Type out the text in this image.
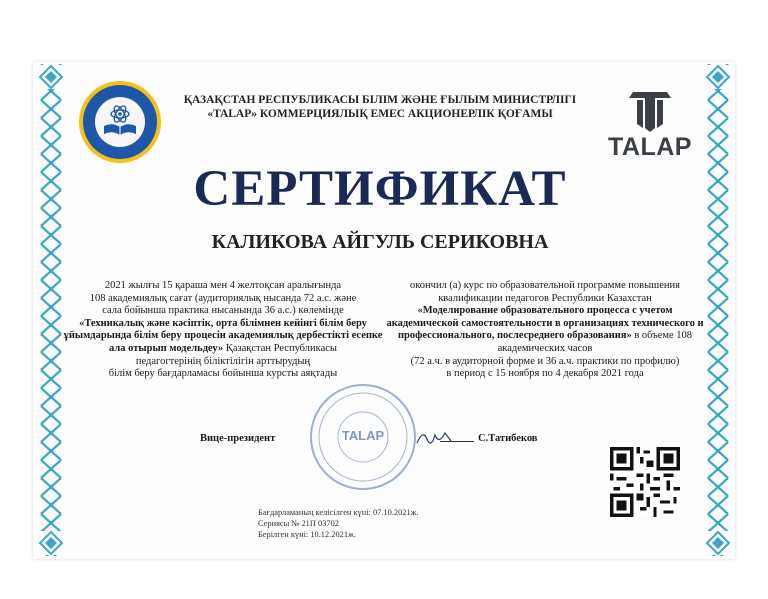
ҚАЗАҚСТАН РЕСПУБЛИКАСЫ БІЛІМ ЖӘНЕ ҒЫЛЫМ МИНИСТРЛІГІ
«TALAP» КОММЕРЦИЯЛЫҚ ЕМЕС АКЦИОНЕРЛІК ҚОҒАМЫ
TALAP
СЕРТИФИКАТ
КАЛИКОВА АЙГУЛЬ СЕРИКОВНА
2021 жылғы 15 қараша мен 4 желтоқсан аралығында
108 академиялық сағат (аудиториялық нысанда 72 а.с. және
сала бойынша практика нысанында 36 а.с.) көлемінде
«Техникалық және кәсіптік, орта білімнен кейінгі білім беру ұйымдарында білім беру процесін академиялық дербестікті есепке ала отырып модельдеу» Қазақстан Республикасы
педагогтерінің біліктілігін арттырудың
білім беру бағдарламасы бойынша курсты аяқтады
окончил (а) курс по образовательной программе повышения
квалификации педагогов Республики Казахстан
«Моделирование образовательного процесса с учетом академической самостоятельности в организациях технического и профессионального, послесреднего образования» в объеме 108 академических часов
(72 а.ч. в аудиторной форме и 36 а.ч. практики по профилю)
в период с 15 ноября по 4 декабря 2021 года
TALAP
Вице-президент	С.Татибеков
Бағдарламаның келісілген күні: 07.10.2021ж.
Сериясы № 21П 03702
Берілген күні: 10.12.2021ж.
